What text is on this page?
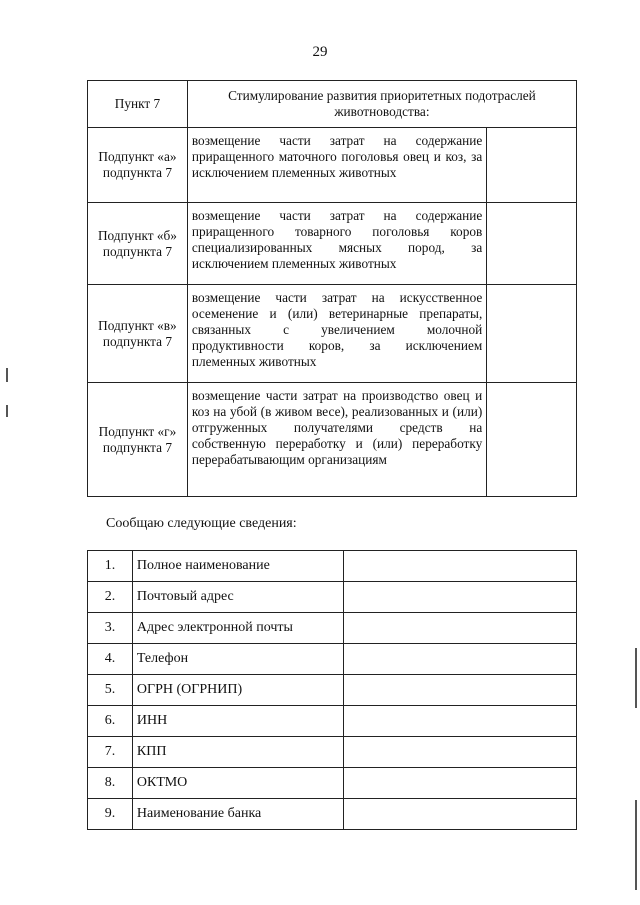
29
Пункт 7	Стимулирование развития приоритетных подотраслей животноводства:	
Подпункт «а» подпункта 7	возмещение части затрат на содержание приращенного маточного поголовья овец и коз, за исключением племенных животных	
Подпункт «б» подпункта 7	возмещение части затрат на содержание приращенного товарного поголовья коров специализированных мясных пород, за исключением племенных животных	
Подпункт «в» подпункта 7	возмещение части затрат на искусственное осеменение и (или) ветеринарные препараты, связанных с увеличением молочной продуктивности коров, за исключением племенных животных	
Подпункт «г» подпункта 7	возмещение части затрат на производство овец и коз на убой (в живом весе), реализованных и (или) отгруженных получателями средств на собственную переработку и (или) переработку перерабатывающим организациям	
Сообщаю следующие сведения:
1.	Полное наименование	
2.	Почтовый адрес	
3.	Адрес электронной почты	
4.	Телефон	
5.	ОГРН (ОГРНИП)	
6.	ИНН	
7.	КПП	
8.	ОКТМО	
9.	Наименование банка	
